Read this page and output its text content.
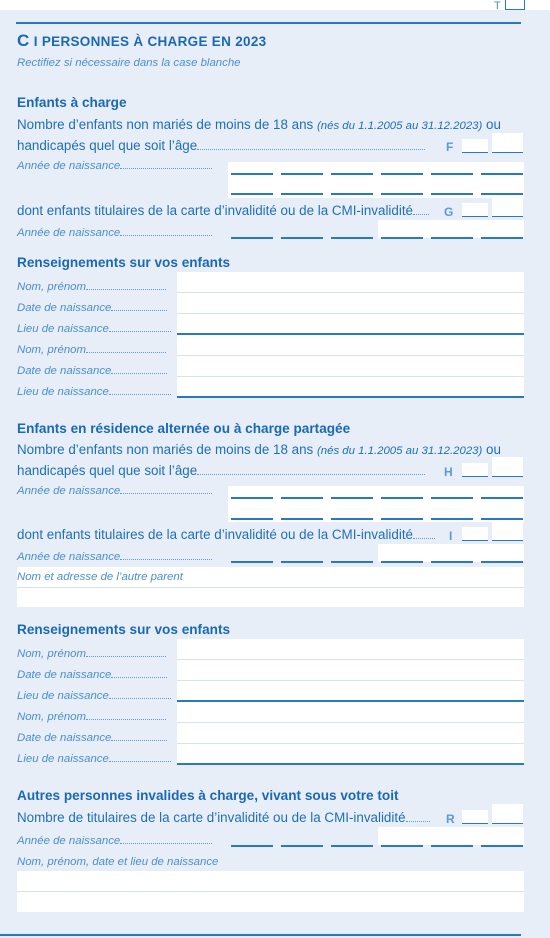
T
C I PERSONNES À CHARGE EN 2023
Rectifiez si nécessaire dans la case blanche
Enfants à charge
Nombre d’enfants non mariés de moins de 18 ans (nés du 1.1.2005 au 31.12.2023) ou
handicapés quel que soit l’âge	F
Année de naissance
dont enfants titulaires de la carte d’invalidité ou de la CMI-invalidité	G
Année de naissance
Renseignements sur vos enfants
Nom, prénom
Date de naissance
Lieu de naissance
Nom, prénom
Date de naissance
Lieu de naissance
Enfants en résidence alternée ou à charge partagée
Nombre d’enfants non mariés de moins de 18 ans (nés du 1.1.2005 au 31.12.2023) ou
handicapés quel que soit l’âge	H
Année de naissance
dont enfants titulaires de la carte d’invalidité ou de la CMI-invalidité	I
Année de naissance
Nom et adresse de l’autre parent
Renseignements sur vos enfants
Nom, prénom
Date de naissance
Lieu de naissance
Nom, prénom
Date de naissance
Lieu de naissance
Autres personnes invalides à charge, vivant sous votre toit
Nombre de titulaires de la carte d’invalidité ou de la CMI-invalidité	R
Année de naissance
Nom, prénom, date et lieu de naissance
